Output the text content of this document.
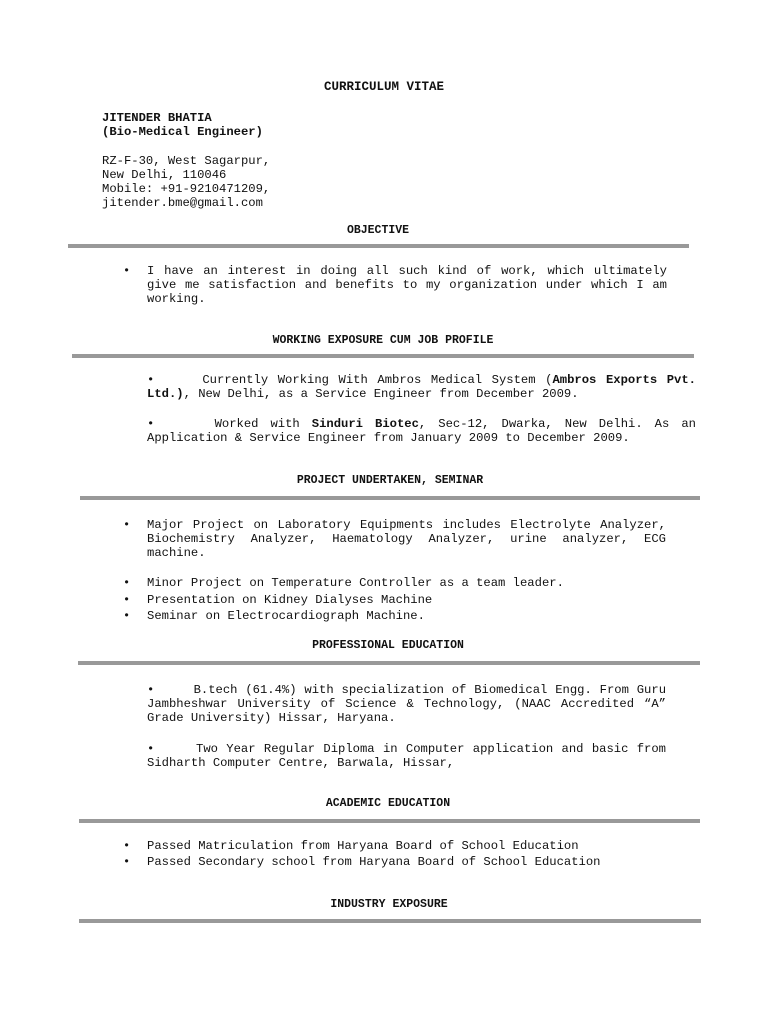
CURRICULUM VITAE
JITENDER BHATIA
(Bio-Medical Engineer)
RZ-F-30, West Sagarpur,
New Delhi, 110046
Mobile: +91-9210471209,
jitender.bme@gmail.com
OBJECTIVE
• I have an interest in doing all such kind of work, which ultimately give me satisfaction and benefits to my organization under which I am working.
WORKING EXPOSURE CUM JOB PROFILE
•	Currently Working With Ambros Medical System (Ambros Exports Pvt. Ltd.), New Delhi, as a Service Engineer from December 2009.
•	Worked with Sinduri Biotec, Sec-12, Dwarka, New Delhi. As an Application & Service Engineer from January 2009 to December 2009.
PROJECT UNDERTAKEN, SEMINAR
• Major Project on Laboratory Equipments includes Electrolyte Analyzer, Biochemistry Analyzer, Haematology Analyzer, urine analyzer, ECG machine.
• Minor Project on Temperature Controller as a team leader.
• Presentation on Kidney Dialyses Machine
• Seminar on Electrocardiograph Machine.
PROFESSIONAL EDUCATION
•	B.tech (61.4%) with specialization of Biomedical Engg. From Guru Jambheshwar University of Science & Technology, (NAAC Accredited “A” Grade University) Hissar, Haryana.
•	Two Year Regular Diploma in Computer application and basic from Sidharth Computer Centre, Barwala, Hissar,
ACADEMIC EDUCATION
• Passed Matriculation from Haryana Board of School Education
• Passed Secondary school from Haryana Board of School Education
INDUSTRY EXPOSURE
